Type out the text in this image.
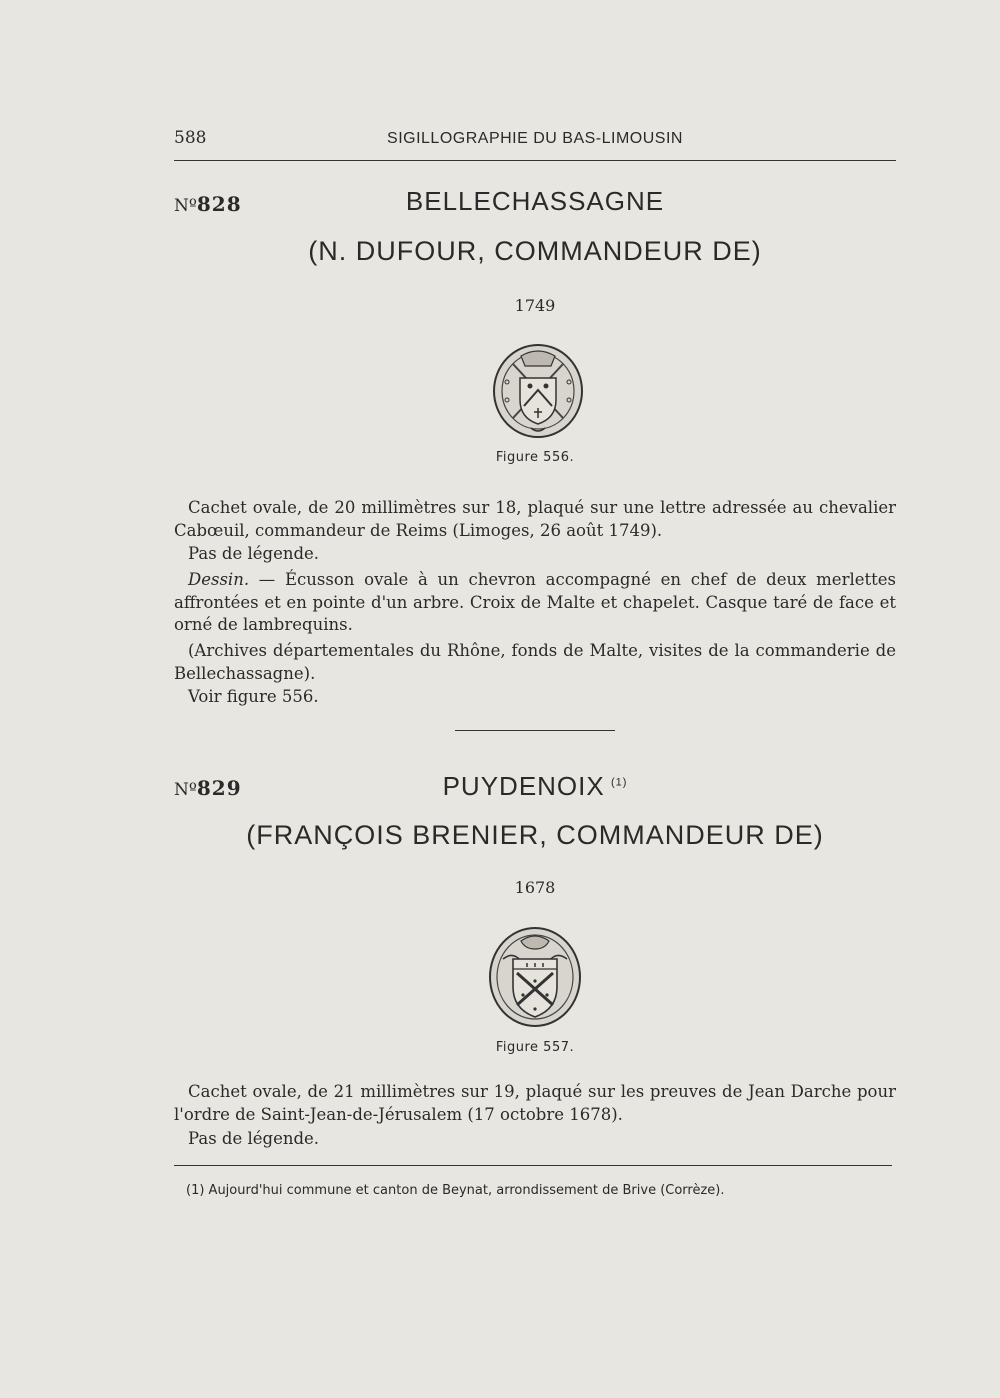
588	SIGILLOGRAPHIE DU BAS-LIMOUSIN
Nº828	BELLECHASSAGNE
(N. DUFOUR, COMMANDEUR DE)
1749
Figure 556.
Cachet ovale, de 20 millimètres sur 18, plaqué sur une lettre adressée au chevalier Cabœuil, commandeur de Reims (Limoges, 26 août 1749).
Pas de légende.
Dessin. — Écusson ovale à un chevron accompagné en chef de deux merlettes affrontées et en pointe d'un arbre. Croix de Malte et chapelet. Casque taré de face et orné de lambrequins.
(Archives départementales du Rhône, fonds de Malte, visites de la commanderie de Bellechassagne).
Voir figure 556.
Nº829	PUYDENOIX  $^{(1)}$
(FRANÇOIS BRENIER, COMMANDEUR DE)
1678
Figure 557.
Cachet ovale, de 21 millimètres sur 19, plaqué sur les preuves de Jean Darche pour l'ordre de Saint-Jean-de-Jérusalem (17 octobre 1678).
Pas de légende.
(1) Aujourd'hui commune et canton de Beynat, arrondissement de Brive (Corrèze).
